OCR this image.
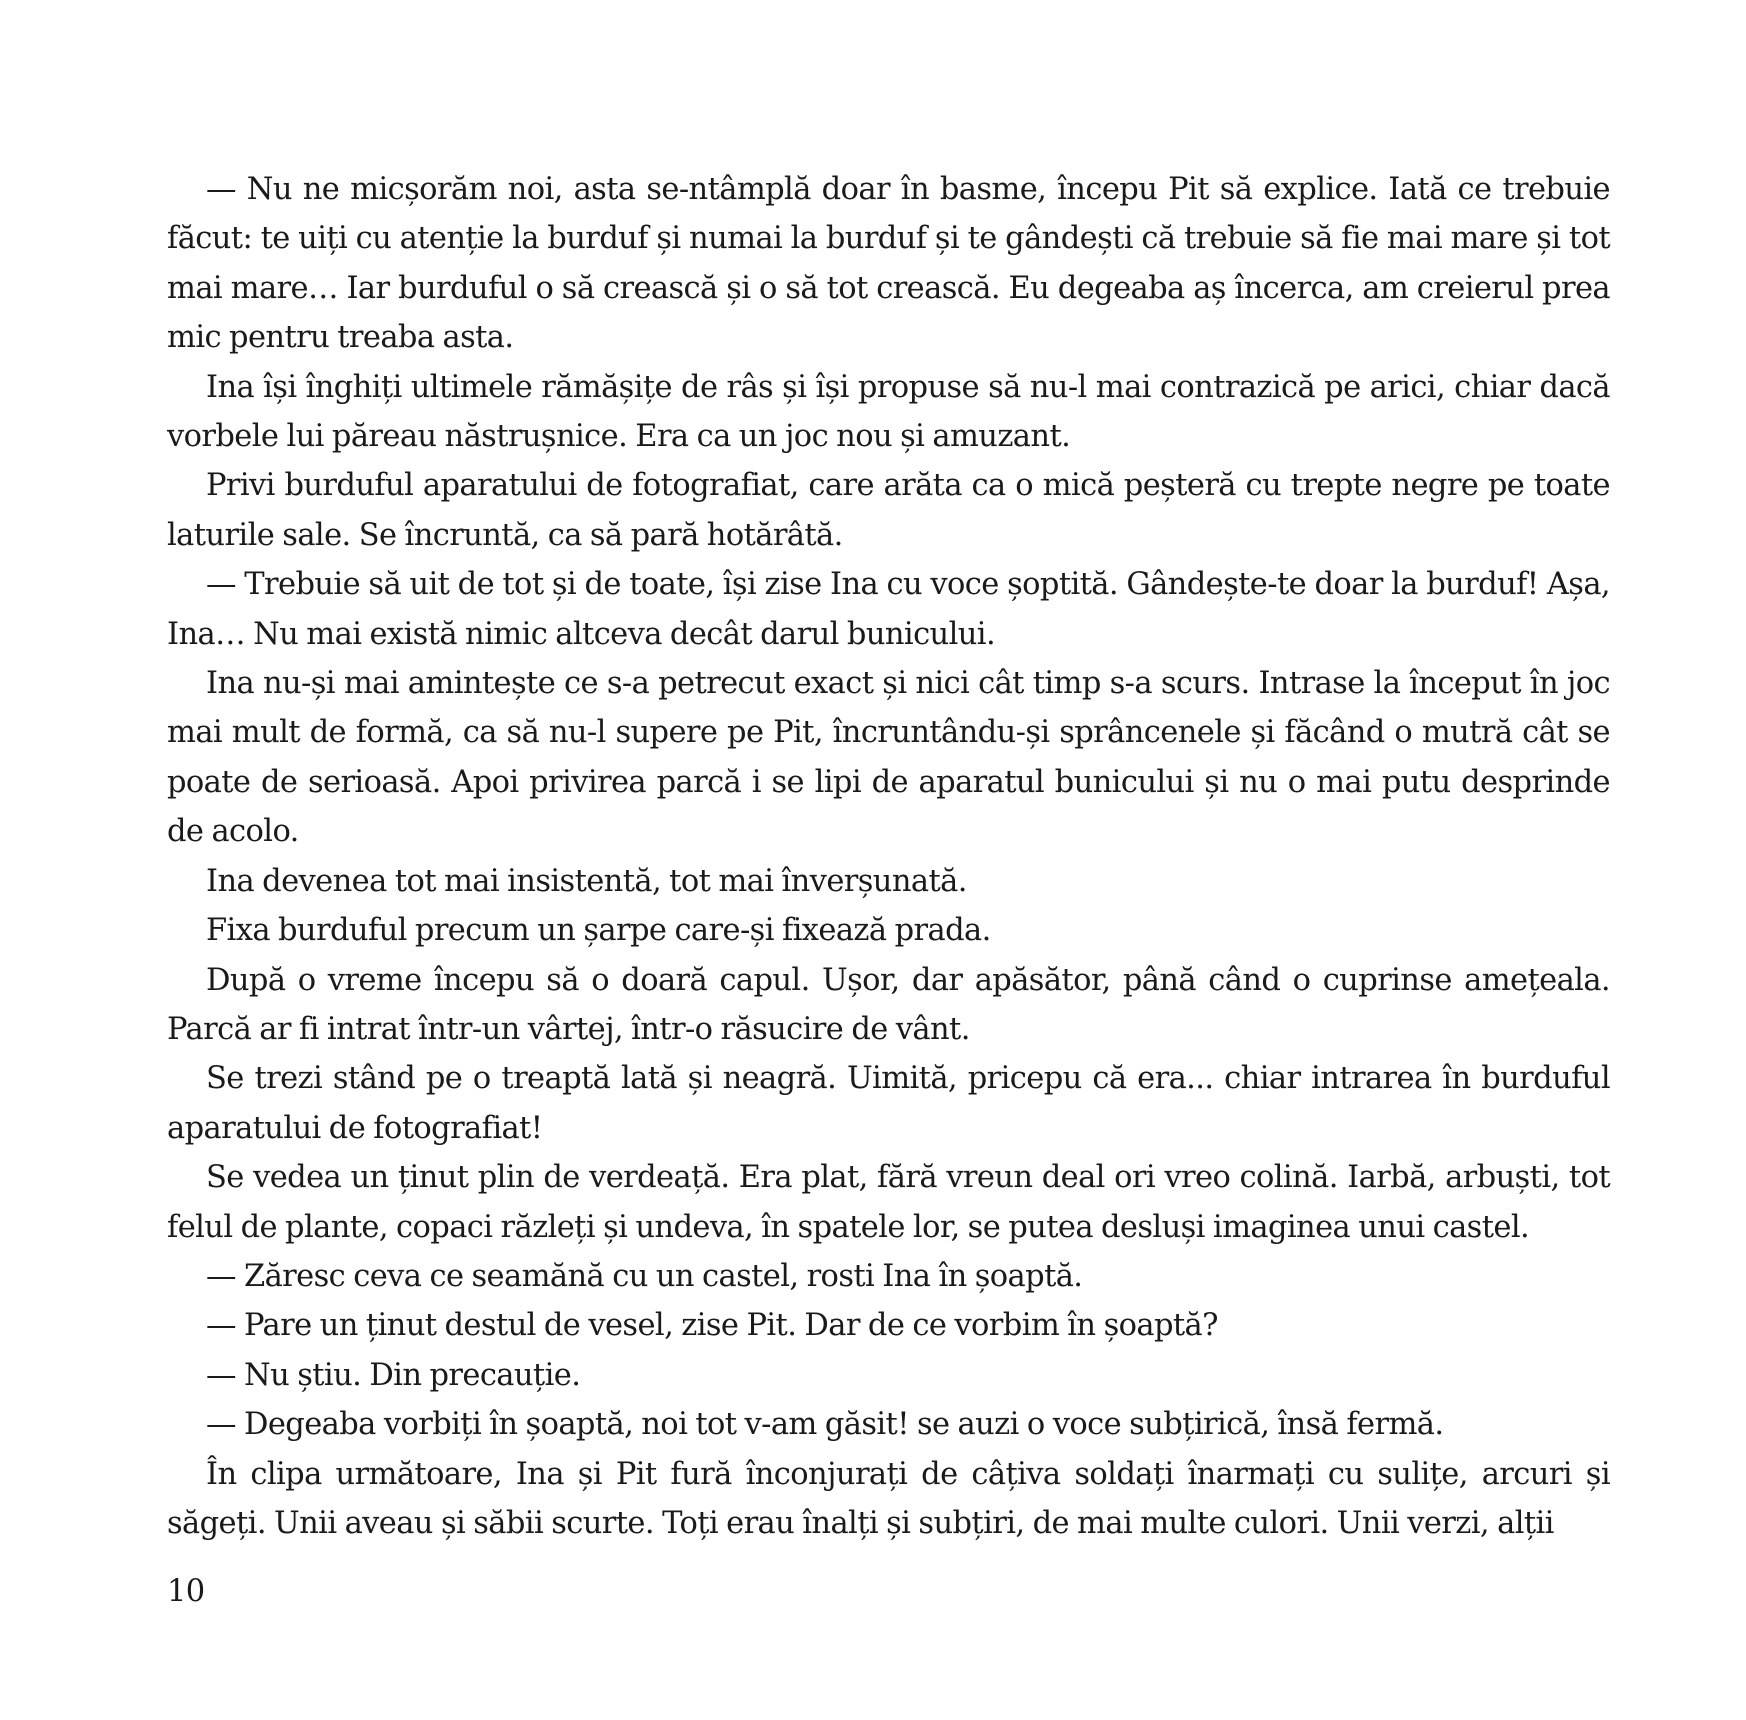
— Nu ne micșorăm noi, asta se-ntâmplă doar în basme, începu Pit să explice. Iată ce trebuie făcut: te uiți cu atenție la burduf și numai la burduf și te gândești că trebuie să fie mai mare și tot mai mare… Iar burduful o să crească și o să tot crească. Eu degeaba aș încerca, am creierul prea mic pentru treaba asta.

Ina își înghiți ultimele rămășițe de râs și își propuse să nu-l mai contrazică pe arici, chiar dacă vorbele lui păreau năstrușnice. Era ca un joc nou și amuzant.

Privi burduful aparatului de fotografiat, care arăta ca o mică peșteră cu trepte negre pe toate laturile sale. Se încruntă, ca să pară hotărâtă.

— Trebuie să uit de tot și de toate, își zise Ina cu voce șoptită. Gândește-te doar la burduf! Așa, Ina… Nu mai există nimic altceva decât darul bunicului.

Ina nu-și mai amintește ce s-a petrecut exact și nici cât timp s-a scurs. Intrase la început în joc mai mult de formă, ca să nu-l supere pe Pit, încruntându-și sprâncenele și făcând o mutră cât se poate de serioasă. Apoi privirea parcă i se lipi de aparatul bunicului și nu o mai putu desprinde de acolo.

Ina devenea tot mai insistentă, tot mai înverșunată.

Fixa burduful precum un șarpe care-și fixează prada.

După o vreme începu să o doară capul. Ușor, dar apăsător, până când o cuprinse amețeala. Parcă ar fi intrat într-un vârtej, într-o răsucire de vânt.

Se trezi stând pe o treaptă lată și neagră. Uimită, pricepu că era... chiar intrarea în burduful aparatului de fotografiat!

Se vedea un ținut plin de verdeață. Era plat, fără vreun deal ori vreo colină. Iarbă, arbuști, tot felul de plante, copaci răzleți și undeva, în spatele lor, se putea desluși imaginea unui castel.

— Zăresc ceva ce seamănă cu un castel, rosti Ina în șoaptă.

— Pare un ținut destul de vesel, zise Pit. Dar de ce vorbim în șoaptă?

— Nu știu. Din precauție.

— Degeaba vorbiți în șoaptă, noi tot v-am găsit! se auzi o voce subțirică, însă fermă.

În clipa următoare, Ina și Pit fură înconjurați de câțiva soldați înarmați cu sulițe, arcuri și săgeți. Unii aveau și săbii scurte. Toți erau înalți și subțiri, de mai multe culori. Unii verzi, alții

10
